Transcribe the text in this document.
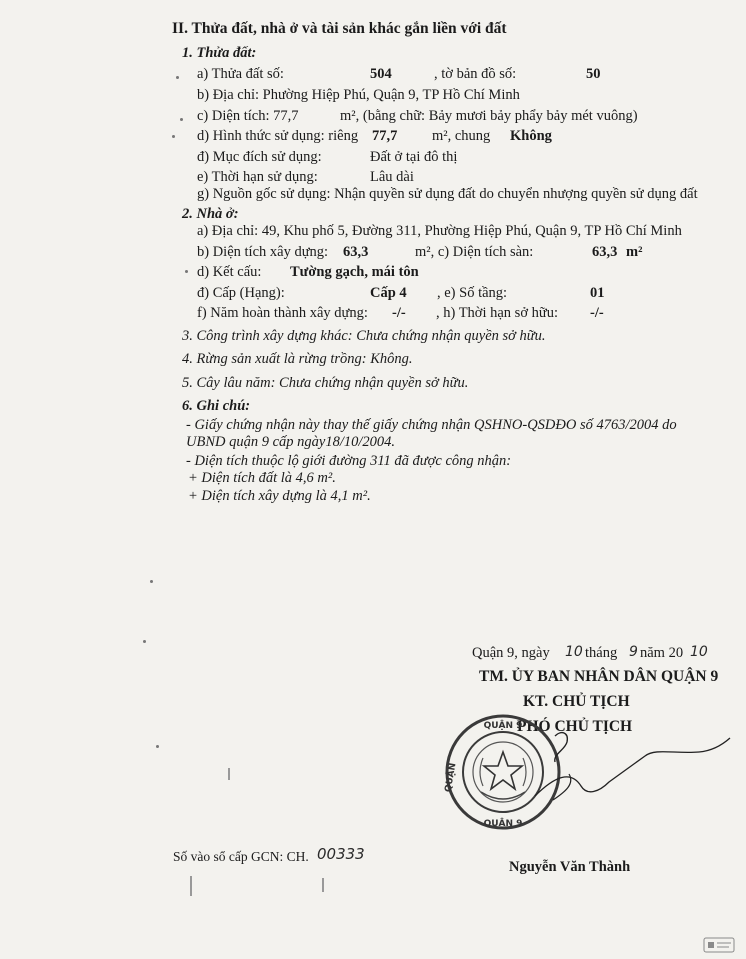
II. Thửa đất, nhà ở và tài sản khác gắn liền với đất
1. Thửa đất:
a) Thửa đất số:	504	, tờ bản đồ số:	50
b) Địa chỉ: Phường Hiệp Phú, Quận 9, TP Hồ Chí Minh
c) Diện tích: 77,7	m², (bằng chữ: Bảy mươi bảy phẩy bảy mét vuông)
d) Hình thức sử dụng: riêng 77,7 m², chung Không
đ) Mục đích sử dụng:	Đất ở tại đô thị
e) Thời hạn sử dụng:	Lâu dài
g) Nguồn gốc sử dụng: Nhận quyền sử dụng đất do chuyển nhượng quyền sử dụng đất
2. Nhà ở:
a) Địa chỉ: 49, Khu phố 5, Đường 311, Phường Hiệp Phú, Quận 9, TP Hồ Chí Minh
b) Diện tích xây dựng: 63,3	m², c) Diện tích sàn:	63,3 m²
d) Kết cấu: Tường gạch, mái tôn
đ) Cấp (Hạng):	Cấp 4 , e) Số tầng:	01
f) Năm hoàn thành xây dựng: -/- , h) Thời hạn sở hữu: -/-
3. Công trình xây dựng khác: Chưa chứng nhận quyền sở hữu.
4. Rừng sản xuất là rừng trồng: Không.
5. Cây lâu năm: Chưa chứng nhận quyền sở hữu.
6. Ghi chú:
- Giấy chứng nhận này thay thế giấy chứng nhận QSHNO-QSDĐO số 4763/2004 do
UBND quận 9 cấp ngày18/10/2004.
- Diện tích thuộc lộ giới đường 311 đã được công nhận:
+ Diện tích đất là 4,6 m².
+ Diện tích xây dựng là 4,1 m².
Quận 9, ngày 10 tháng 9 năm 20 10
TM. ỦY BAN NHÂN DÂN QUẬN 9
KT. CHỦ TỊCH
PHÓ CHỦ TỊCH
QUẬN 9
QUẬN
QUẬN 9
Nguyễn Văn Thành
Số vào sổ cấp GCN: CH. 00333
